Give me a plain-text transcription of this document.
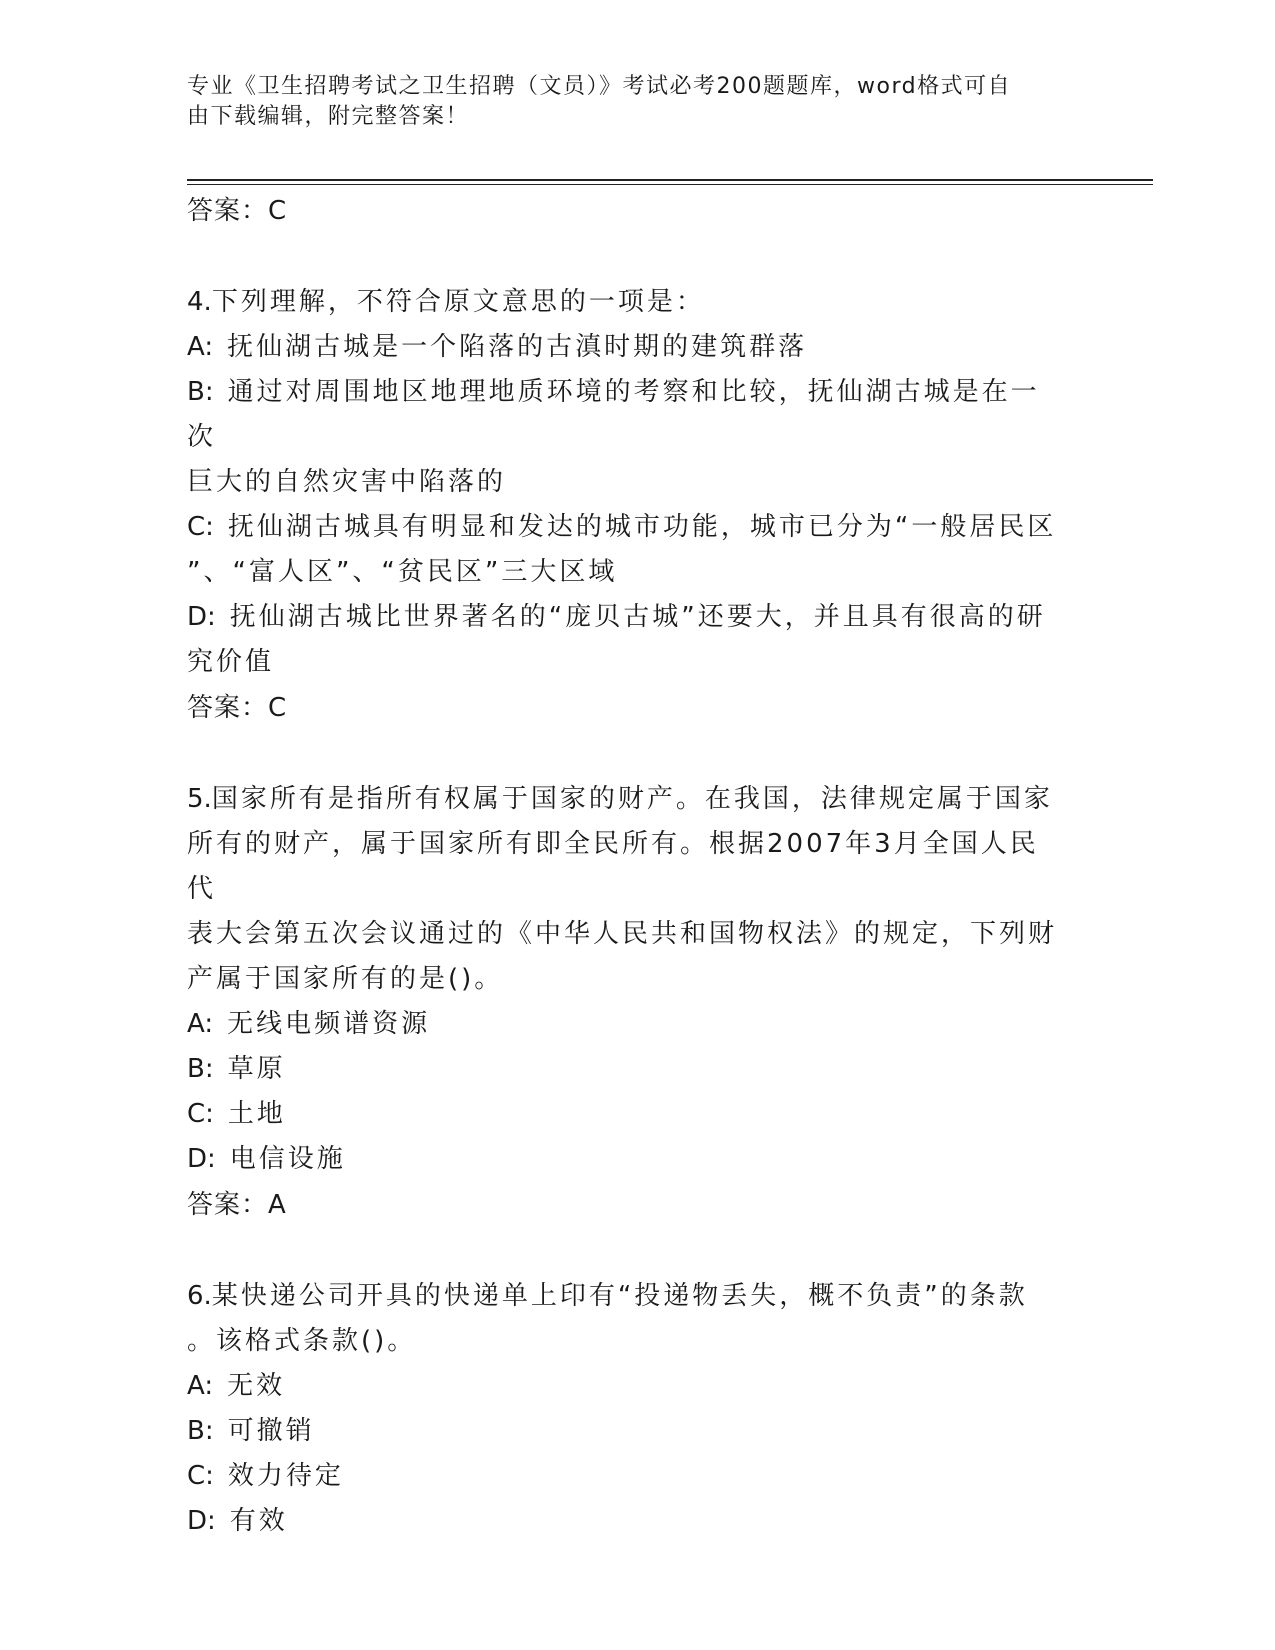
专业《卫生招聘考试之卫生招聘（文员）》考试必考200题题库，word格式可自
由下载编辑，附完整答案！

答案：C

4.下列理解，不符合原文意思的一项是：

A: 抚仙湖古城是一个陷落的古滇时期的建筑群落

B: 通过对周围地区地理地质环境的考察和比较，抚仙湖古城是在一次

巨大的自然灾害中陷落的

C: 抚仙湖古城具有明显和发达的城市功能，城市已分为“一般居民区

”、“富人区”、“贫民区”三大区域

D: 抚仙湖古城比世界著名的“庞贝古城”还要大，并且具有很高的研

究价值

答案：C

5.国家所有是指所有权属于国家的财产。在我国，法律规定属于国家

所有的财产，属于国家所有即全民所有。根据2007年3月全国人民代

表大会第五次会议通过的《中华人民共和国物权法》的规定，下列财

产属于国家所有的是()。

A: 无线电频谱资源

B: 草原

C: 土地

D: 电信设施

答案：A

6.某快递公司开具的快递单上印有“投递物丢失，概不负责”的条款

。该格式条款()。

A: 无效

B: 可撤销

C: 效力待定

D: 有效
